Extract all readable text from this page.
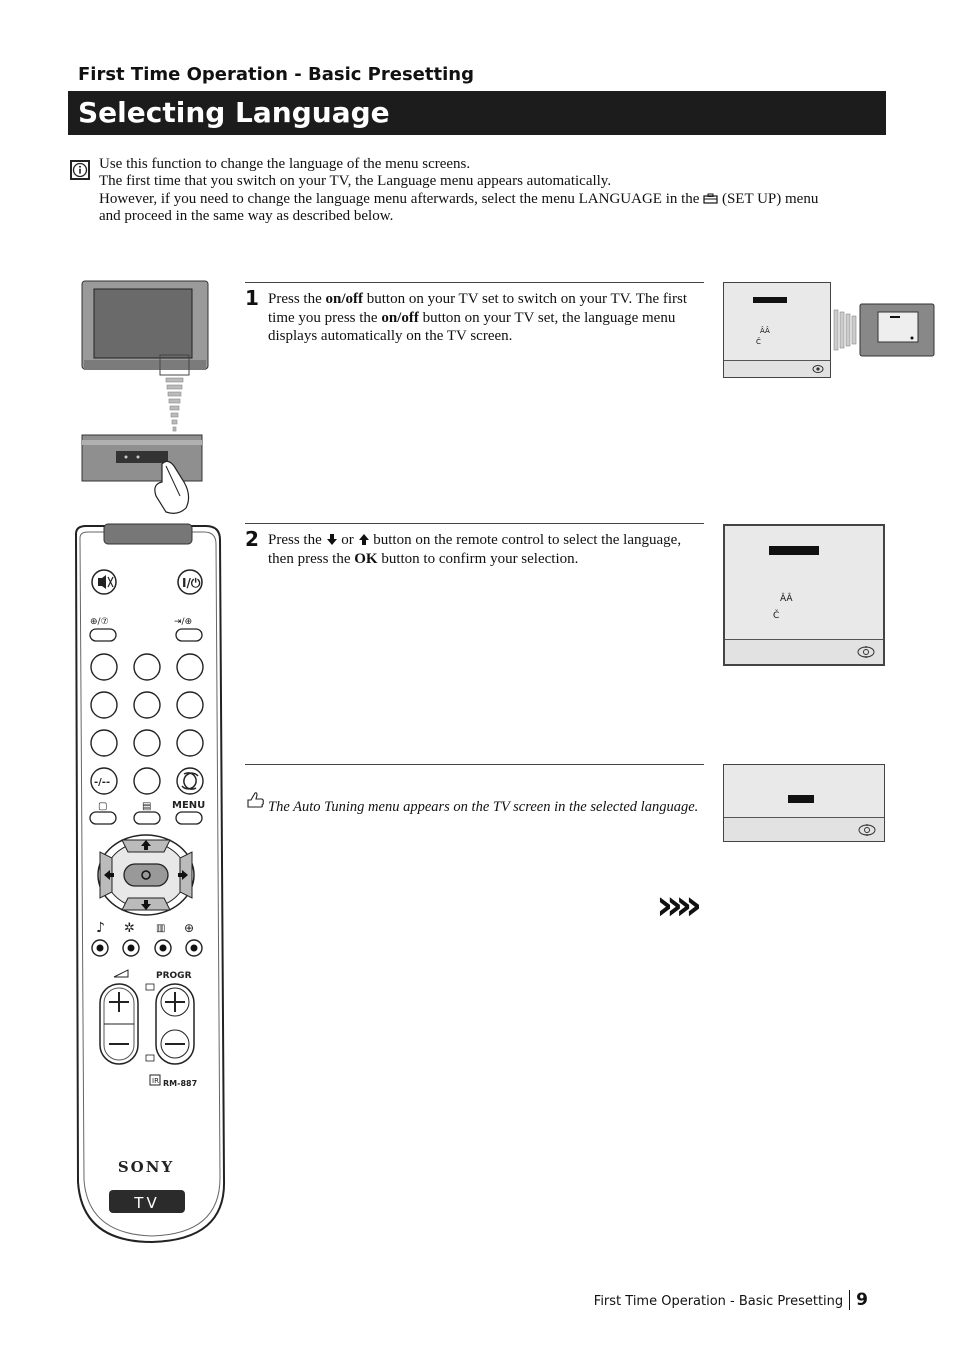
First Time Operation - Basic Presetting
Selecting Language

Use this function to change the language of the menu screens.

The first time that you switch on your TV, the Language menu appears automatically.

However, if you need to change the language menu afterwards, select the menu LANGUAGE in the (SET UP) menu

and proceed in the same way as described below.

1 Press the on/off button on your TV set to switch on your TV. The first time you press the on/off button on your TV set, the language menu displays automatically on the TV screen.	ÂÂ
Č
I/⏻
⊕/⑦	⇥/⊕
-/--
▢	▤ MENU
♪ ✲ ▥ ⊕
PROGR
IR RM-887
SONY
TV
2 Press the or button on the remote control to select the language, then press the OK button to confirm your selection.
ÂÂ
Č
The Auto Tuning menu appears on the TV screen in the selected language.
»»
First Time Operation - Basic Presetting 9
